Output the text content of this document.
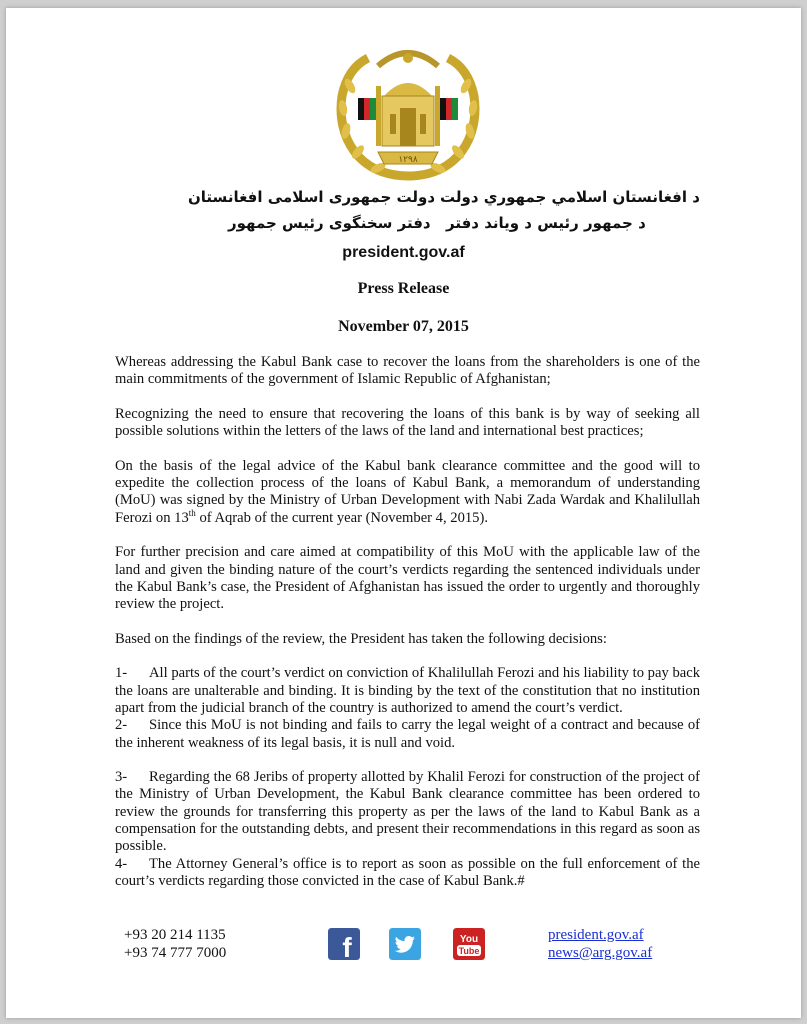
١٢٩٨
دولت جمهوری اسلامی افغانستان د افغانستان اسلامي جمهوري دولت
دفتر سخنگوی رئیس جمهور د جمهور رئیس د ویاند دفتر
president.gov.af
Press Release
November 07, 2015

Whereas addressing the Kabul Bank case to recover the loans from the shareholders is one of the main commitments of the government of Islamic Republic of Afghanistan;

Recognizing the need to ensure that recovering the loans of this bank is by way of seeking all possible solutions within the letters of the laws of the land and international best practices;

On the basis of the legal advice of the Kabul bank clearance committee and the good will to expedite the collection process of the loans of Kabul Bank, a memorandum of understanding (MoU) was signed by the Ministry of Urban Development with Nabi Zada Wardak and Khalilullah Ferozi on 13th of Aqrab of the current year (November 4, 2015).

For further precision and care aimed at compatibility of this MoU with the applicable law of the land and given the binding nature of the court’s verdicts regarding the sentenced individuals under the Kabul Bank’s case, the President of Afghanistan has issued the order to urgently and thoroughly review the project.

Based on the findings of the review, the President has taken the following decisions:

1- All parts of the court’s verdict on conviction of Khalilullah Ferozi and his liability to pay back the loans are unalterable and binding. It is binding by the text of the constitution that no institution apart from the judicial branch of the country is authorized to amend the court’s verdict.

2- Since this MoU is not binding and fails to carry the legal weight of a contract and because of the inherent weakness of its legal basis, it is null and void.

3- Regarding the 68 Jeribs of property allotted by Khalil Ferozi for construction of the project of the Ministry of Urban Development, the Kabul Bank clearance committee has been ordered to review the grounds for transferring this property as per the laws of the land to Kabul Bank as a compensation for the outstanding debts, and present their recommendations in this regard as soon as possible.

4- The Attorney General’s office is to report as soon as possible on the full enforcement of the court’s verdicts regarding those convicted in the case of Kabul Bank.#

+93 20 214 1135
+93 74 777 7000	f	You
Tube
president.gov.af
news@arg.gov.af
